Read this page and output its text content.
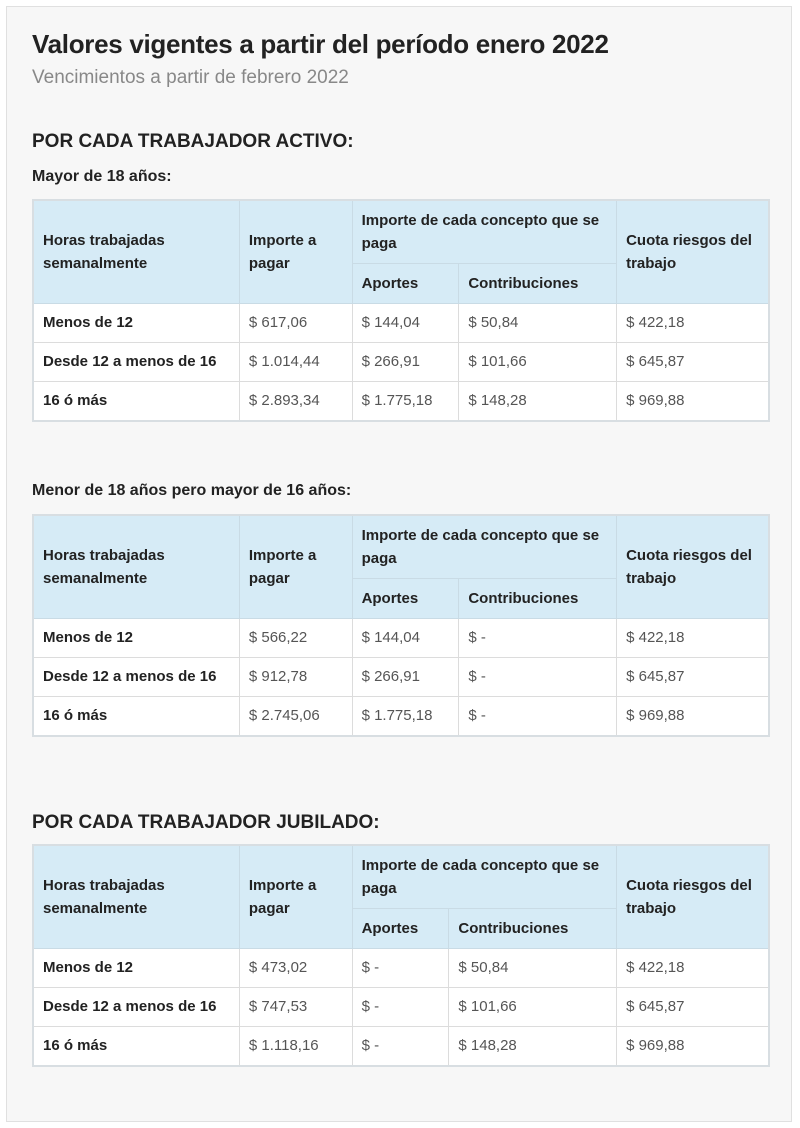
Valores vigentes a partir del período enero 2022
Vencimientos a partir de febrero 2022
POR CADA TRABAJADOR ACTIVO:
Mayor de 18 años:
Horas trabajadas semanalmente	Importe a pagar	Importe de cada concepto que se paga		Cuota riesgos del trabajo
		Aportes	Contribuciones	
Menos de 12	$ 617,06	$ 144,04	$ 50,84	$ 422,18
Desde 12 a menos de 16	$ 1.014,44	$ 266,91	$ 101,66	$ 645,87
16 ó más	$ 2.893,34	$ 1.775,18	$ 148,28	$ 969,88
Menor de 18 años pero mayor de 16 años:
Horas trabajadas semanalmente	Importe a pagar	Importe de cada concepto que se paga		Cuota riesgos del trabajo
		Aportes	Contribuciones	
Menos de 12	$ 566,22	$ 144,04	$ -	$ 422,18
Desde 12 a menos de 16	$ 912,78	$ 266,91	$ -	$ 645,87
16 ó más	$ 2.745,06	$ 1.775,18	$ -	$ 969,88
POR CADA TRABAJADOR JUBILADO:
Horas trabajadas semanalmente	Importe a pagar	Importe de cada concepto que se paga		Cuota riesgos del trabajo
		Aportes	Contribuciones	
Menos de 12	$ 473,02	$ -	$ 50,84	$ 422,18
Desde 12 a menos de 16	$ 747,53	$ -	$ 101,66	$ 645,87
16 ó más	$ 1.118,16	$ -	$ 148,28	$ 969,88
